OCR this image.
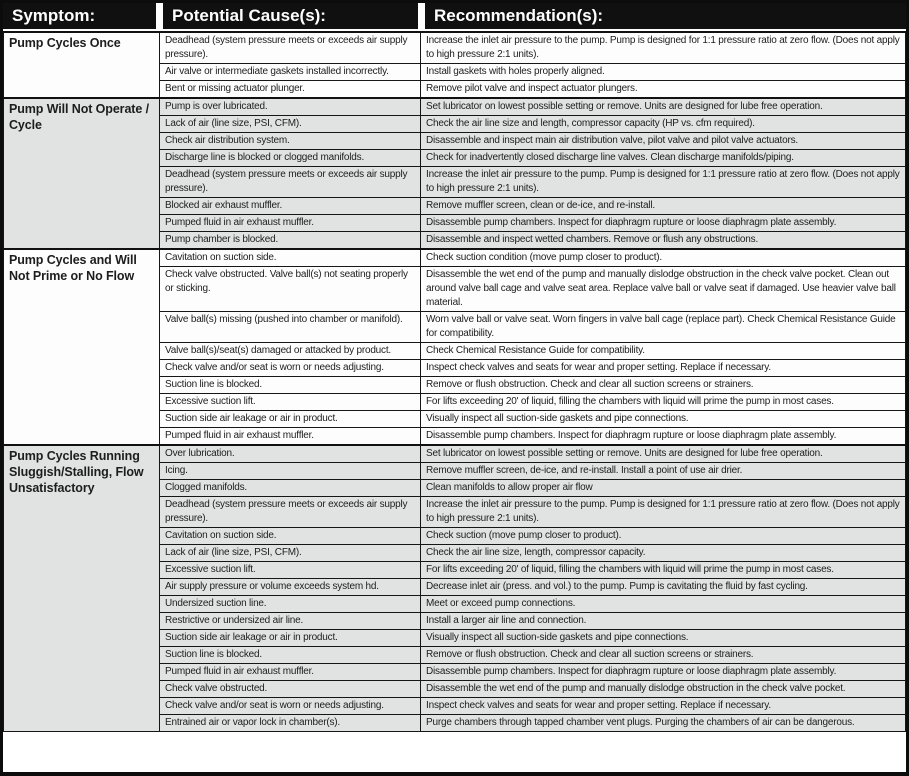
Symptom:	Potential Cause(s):	Recommendation(s):
Pump Cycles Once	Deadhead (system pressure meets or exceeds air supply pressure).	Increase the inlet air pressure to the pump. Pump is designed for 1:1 pressure ratio at zero flow. (Does not apply to high pressure 2:1 units).
	Air valve or intermediate gaskets installed incorrectly.	Install gaskets with holes properly aligned.
	Bent or missing actuator plunger.	Remove pilot valve and inspect actuator plungers.
Pump Will Not Operate / Cycle	Pump is over lubricated.	Set lubricator on lowest possible setting or remove. Units are designed for lube free operation.
	Lack of air (line size, PSI, CFM).	Check the air line size and length, compressor capacity (HP vs. cfm required).
	Check air distribution system.	Disassemble and inspect main air distribution valve, pilot valve and pilot valve actuators.
	Discharge line is blocked or clogged manifolds.	Check for inadvertently closed discharge line valves. Clean discharge manifolds/piping.
	Deadhead (system pressure meets or exceeds air supply pressure).	Increase the inlet air pressure to the pump. Pump is designed for 1:1 pressure ratio at zero flow. (Does not apply to high pressure 2:1 units).
	Blocked air exhaust muffler.	Remove muffler screen, clean or de-ice, and re-install.
	Pumped fluid in air exhaust muffler.	Disassemble pump chambers. Inspect for diaphragm rupture or loose diaphragm plate assembly.
	Pump chamber is blocked.	Disassemble and inspect wetted chambers. Remove or flush any obstructions.
Pump Cycles and Will Not Prime or No Flow	Cavitation on suction side.	Check suction condition (move pump closer to product).
	Check valve obstructed. Valve ball(s) not seating properly or sticking.	Disassemble the wet end of the pump and manually dislodge obstruction in the check valve pocket. Clean out around valve ball cage and valve seat area. Replace valve ball or valve seat if damaged. Use heavier valve ball material.
	Valve ball(s) missing (pushed into chamber or manifold).	Worn valve ball or valve seat. Worn fingers in valve ball cage (replace part). Check Chemical Resistance Guide for compatibility.
	Valve ball(s)/seat(s) damaged or attacked by product.	Check Chemical Resistance Guide for compatibility.
	Check valve and/or seat is worn or needs adjusting.	Inspect check valves and seats for wear and proper setting. Replace if necessary.
	Suction line is blocked.	Remove or flush obstruction. Check and clear all suction screens or strainers.
	Excessive suction lift.	For lifts exceeding 20' of liquid, filling the chambers with liquid will prime the pump in most cases.
	Suction side air leakage or air in product.	Visually inspect all suction-side gaskets and pipe connections.
	Pumped fluid in air exhaust muffler.	Disassemble pump chambers. Inspect for diaphragm rupture or loose diaphragm plate assembly.
Pump Cycles Running Sluggish/Stalling, Flow Unsatisfactory	Over lubrication.	Set lubricator on lowest possible setting or remove. Units are designed for lube free operation.
	Icing.	Remove muffler screen, de-ice, and re-install. Install a point of use air drier.
	Clogged manifolds.	Clean manifolds to allow proper air flow
	Deadhead (system pressure meets or exceeds air supply pressure).	Increase the inlet air pressure to the pump. Pump is designed for 1:1 pressure ratio at zero flow. (Does not apply to high pressure 2:1 units).
	Cavitation on suction side.	Check suction (move pump closer to product).
	Lack of air (line size, PSI, CFM).	Check the air line size, length, compressor capacity.
	Excessive suction lift.	For lifts exceeding 20' of liquid, filling the chambers with liquid will prime the pump in most cases.
	Air supply pressure or volume exceeds system hd.	Decrease inlet air (press. and vol.) to the pump. Pump is cavitating the fluid by fast cycling.
	Undersized suction line.	Meet or exceed pump connections.
	Restrictive or undersized air line.	Install a larger air line and connection.
	Suction side air leakage or air in product.	Visually inspect all suction-side gaskets and pipe connections.
	Suction line is blocked.	Remove or flush obstruction. Check and clear all suction screens or strainers.
	Pumped fluid in air exhaust muffler.	Disassemble pump chambers. Inspect for diaphragm rupture or loose diaphragm plate assembly.
	Check valve obstructed.	Disassemble the wet end of the pump and manually dislodge obstruction in the check valve pocket.
	Check valve and/or seat is worn or needs adjusting.	Inspect check valves and seats for wear and proper setting. Replace if necessary.
	Entrained air or vapor lock in chamber(s).	Purge chambers through tapped chamber vent plugs. Purging the chambers of air can be dangerous.
